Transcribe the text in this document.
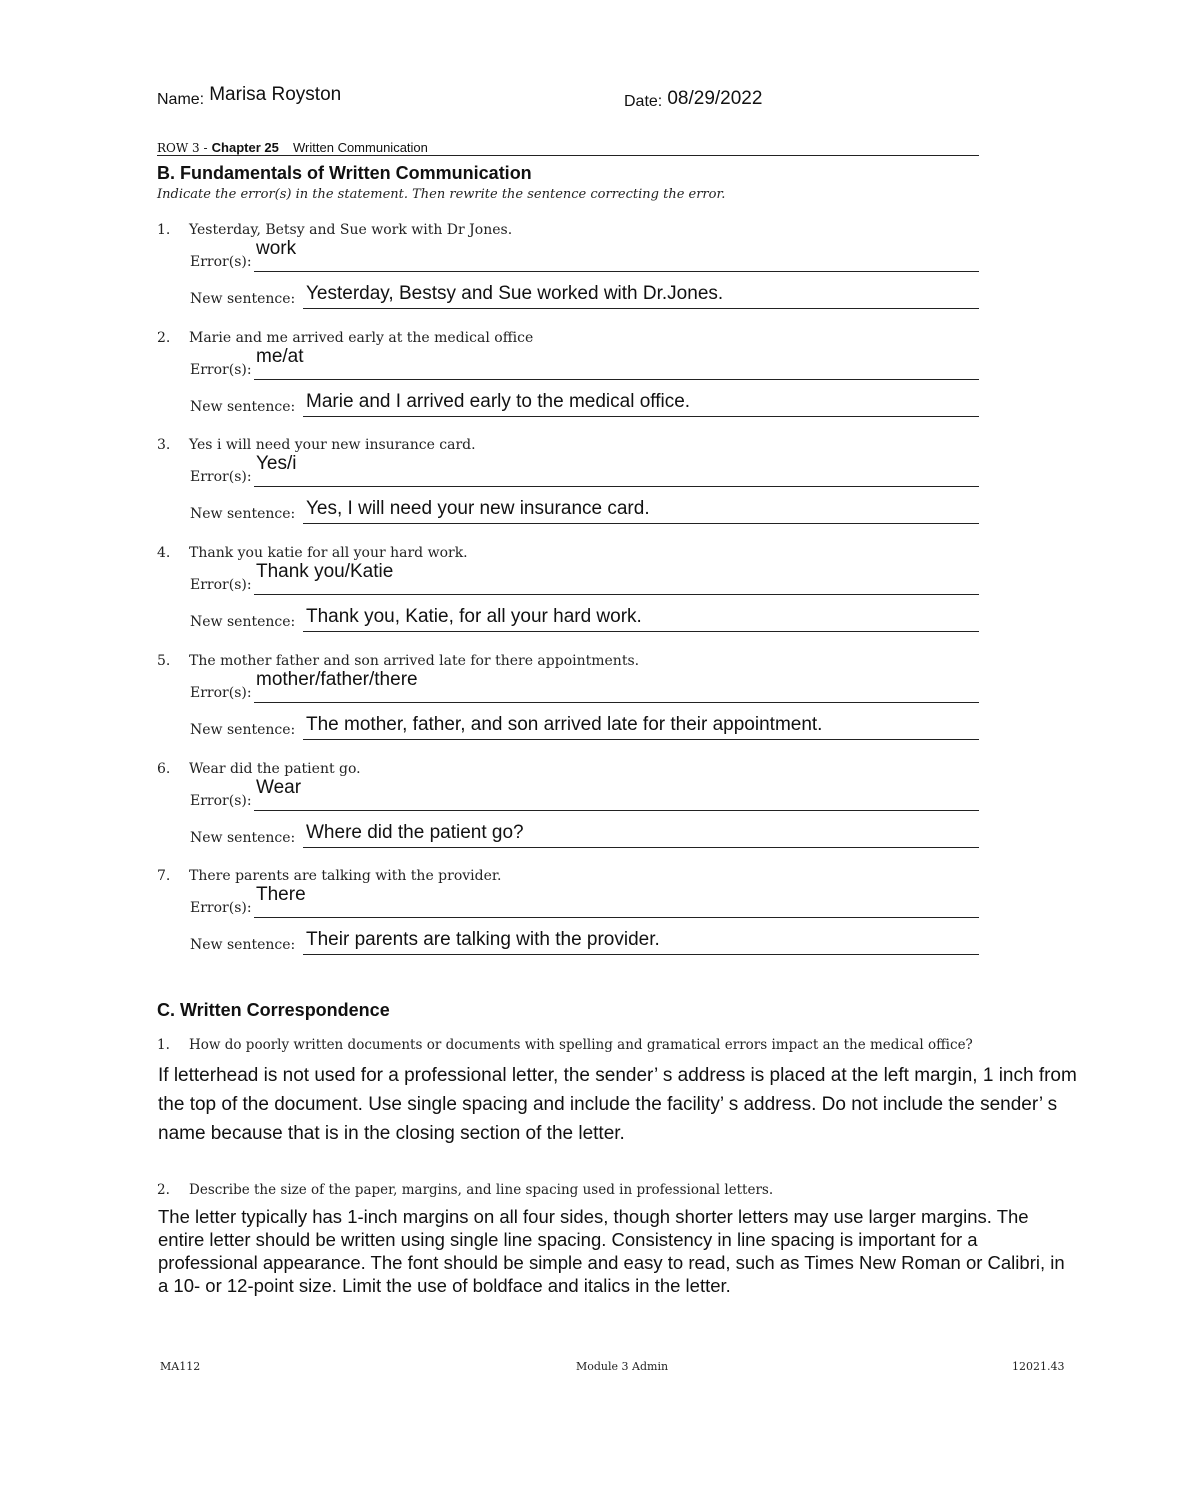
Name: Marisa Royston	Date: 08/29/2022
ROW 3 - Chapter 25 Written Communication
B. Fundamentals of Written Communication
Indicate the error(s) in the statement. Then rewrite the sentence correcting the error.
1. Yesterday, Betsy and Sue work with Dr Jones.
Error(s):
work
New sentence: Yesterday, Bestsy and Sue worked with Dr.Jones.
2. Marie and me arrived early at the medical office
Error(s):
me/at
New sentence: Marie and I arrived early to the medical office.
3. Yes i will need your new insurance card.
Error(s):
Yes/i
New sentence: Yes, I will need your new insurance card.
4. Thank you katie for all your hard work.
Error(s):
Thank you/Katie
New sentence: Thank you, Katie, for all your hard work.
5. The mother father and son arrived late for there appointments.
Error(s):
mother/father/there
New sentence: The mother, father, and son arrived late for their appointment.
6. Wear did the patient go.
Error(s):
Wear
New sentence: Where did the patient go?
7. There parents are talking with the provider.
Error(s):
There
New sentence: Their parents are talking with the provider.
C. Written Correspondence
1. How do poorly written documents or documents with spelling and gramatical errors impact an the medical office?
If letterhead is not used for a professional letter, the sender’ s address is placed at the left margin, 1 inch from the top of the document. Use single spacing and include the facility’ s address. Do not include the sender’ s name because that is in the closing section of the letter.
2. Describe the size of the paper, margins, and line spacing used in professional letters.
The letter typically has 1-inch margins on all four sides, though shorter letters may use larger margins. The entire letter should be written using single line spacing. Consistency in line spacing is important for a professional appearance. The font should be simple and easy to read, such as Times New Roman or Calibri, in a 10- or 12-point size. Limit the use of boldface and italics in the letter.
MA112	Module 3 Admin	12021.43
